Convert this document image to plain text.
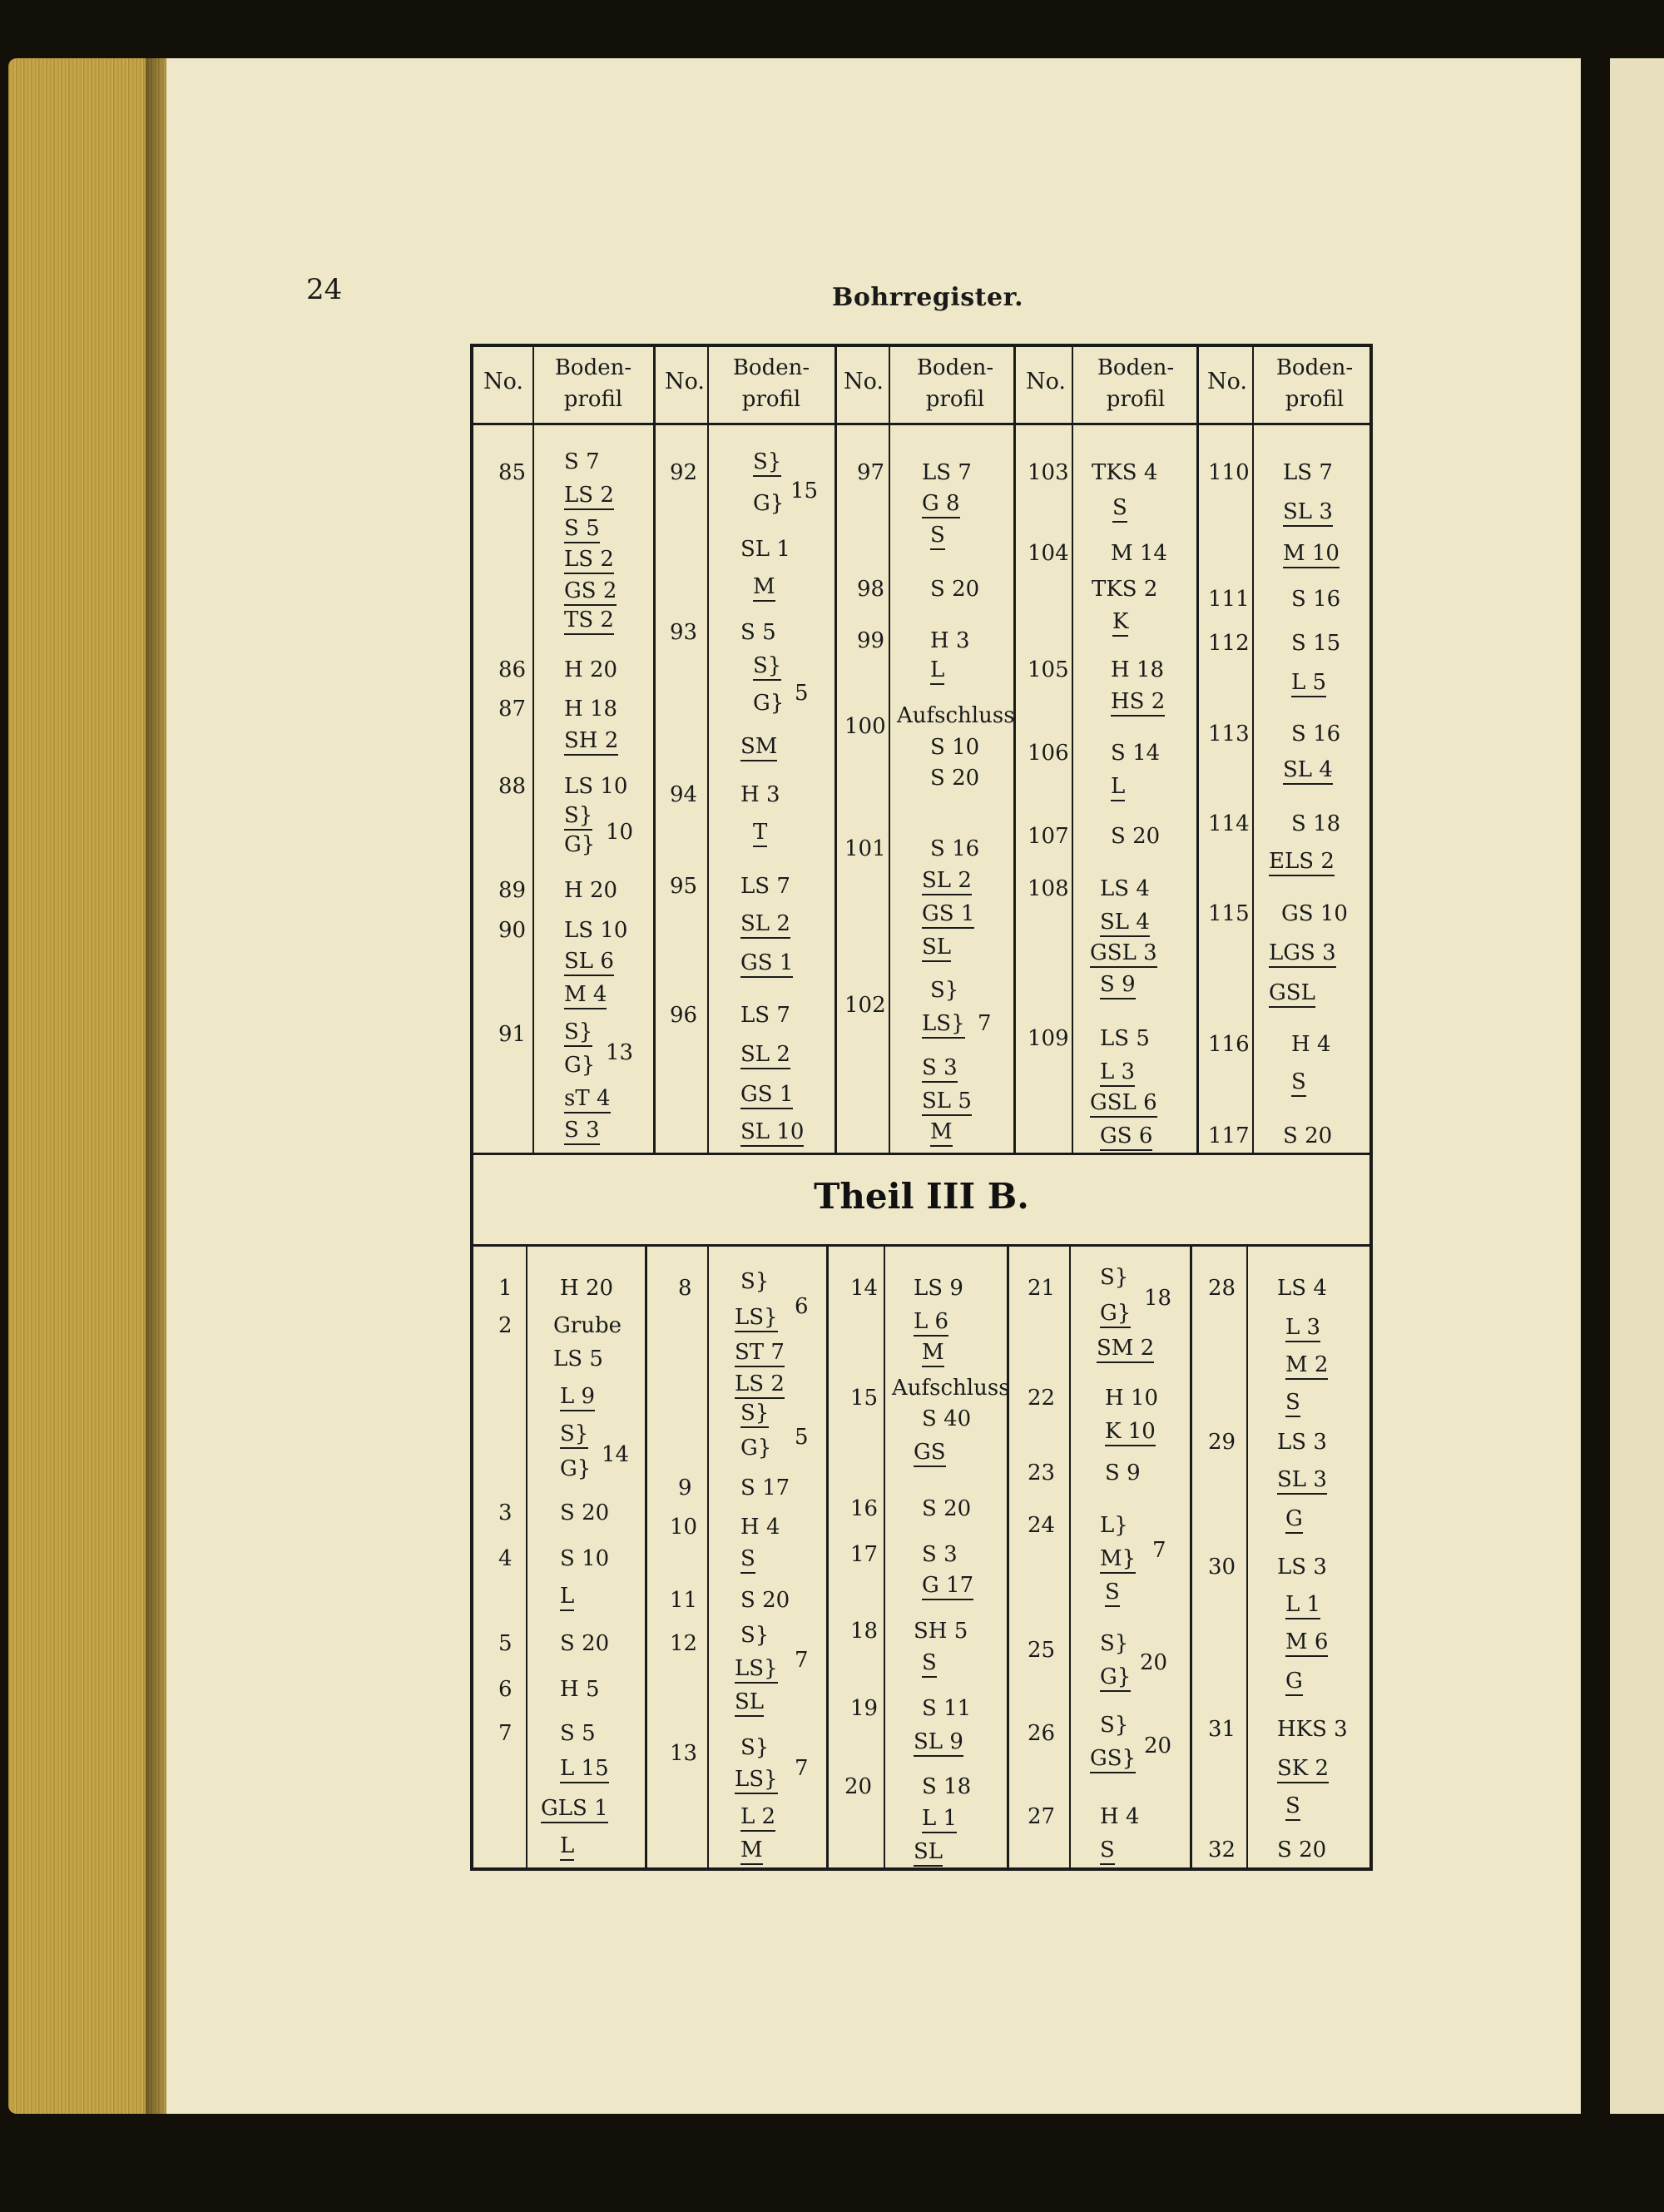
24	Bohrregister.
No.
Boden-
profil
No.
Boden-
profil
No.
Boden-
profil
No.
Boden-
profil
No.
Boden-
profil
Theil III B.
85 S 7
LS 2
S 5
LS 2
GS 2
TS 2
86 H 20
87 H 18
SH 2
88 LS 10
S}
10
G}
89 H 20
90 LS 10
SL 6
M 4
91 S}
13
G}
sT 4
S 3
92	S}
15
G}
SL 1
M
93 S 5
S}
5
G}
SM
94 H 3
T
95 LS 7
SL 2
GS 1
96 LS 7
SL 2
GS 1
SL 10
97 LS 7
G 8
S
98 S 20
99 H 3
L
100 Aufschluss
S 10
S 20
101 S 16
SL 2
GS 1
SL
102
S}
7
LS}
S 3
SL 5
M
103 TKS 4
S
104 M 14
TKS 2
K
105 H 18
HS 2
106 S 14
L
107 S 20
108 LS 4
SL 4
GSL 3
S 9
109 LS 5
L 3
GSL 6
GS 6
110 LS 7
SL 3
M 10
111 S 16
112 S 15
L 5
113 S 16
SL 4
114 S 18
ELS 2
115 GS 10
LGS 3
GSL
116 H 4
S
117 S 20
1 H 20
2 Grube
LS 5
L 9
S}
14
G}
3 S 20
4 S 10
L
5 S 20
6 H 5
7 S 5
L 15
GLS 1
L
8 S}
6
LS}
ST 7
LS 2
S}
5
G}
9 S 17
10 H 4
S
11 S 20
12 S}
7
LS}
SL
13 S}
7
LS}
L 2
M
14 LS 9
L 6
M
15 Aufschluss
S 40
GS
16 S 20
17 S 3
G 17
18 SH 5
S
19 S 11
SL 9
20 S 18
L 1
SL
21 S}
18
G}
SM 2
22 H 10
K 10
23 S 9
24 L}
7
M}
S
25 S}
20
G}
26 S}
20
GS}
27 H 4
S
28 LS 4
L 3
M 2
S
29 LS 3
SL 3
G
30 LS 3
L 1
M 6
G
31 HKS 3
SK 2
S
32 S 20
